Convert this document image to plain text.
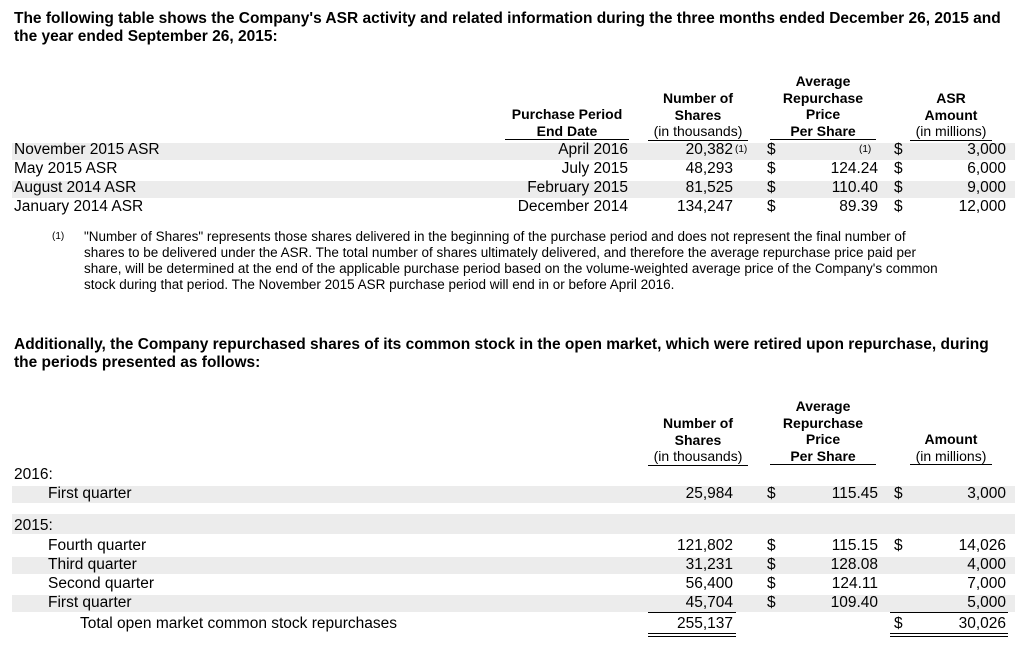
The following table shows the Company's ASR activity and related information during the three months ended December 26, 2015 and the year ended September 26, 2015:
Purchase Period
End Date
Number of
Shares
(in thousands)
Average
Repurchase
Price
Per Share
ASR
Amount
(in millions)
November 2015 ASR	April 2016	20,382 (1) $	(1) $	3,000
May 2015 ASR	July 2015	48,293 $	124.24 $	6,000
August 2014 ASR	February 2015	81,525 $	110.40 $	9,000
January 2014 ASR	December 2014	134,247 $	89.39 $	12,000
(1) "Number of Shares" represents those shares delivered in the beginning of the purchase period and does not represent the final number of shares to be delivered under the ASR. The total number of shares ultimately delivered, and therefore the average repurchase price paid per share, will be determined at the end of the applicable purchase period based on the volume-weighted average price of the Company's common stock during that period. The November 2015 ASR purchase period will end in or before April 2016.
Additionally, the Company repurchased shares of its common stock in the open market, which were retired upon repurchase, during the periods presented as follows:
Number of
Shares
(in thousands)
Average
Repurchase
Price
Per Share
Amount
(in millions)
2016:
First quarter	25,984 $	115.45 $	3,000
2015:
Fourth quarter	121,802 $	115.15 $	14,026
Third quarter	31,231 $	128.08	4,000
Second quarter	56,400 $	124.11	7,000
First quarter	45,704 $	109.40	5,000
Total open market common stock repurchases	255,137	$	30,026
